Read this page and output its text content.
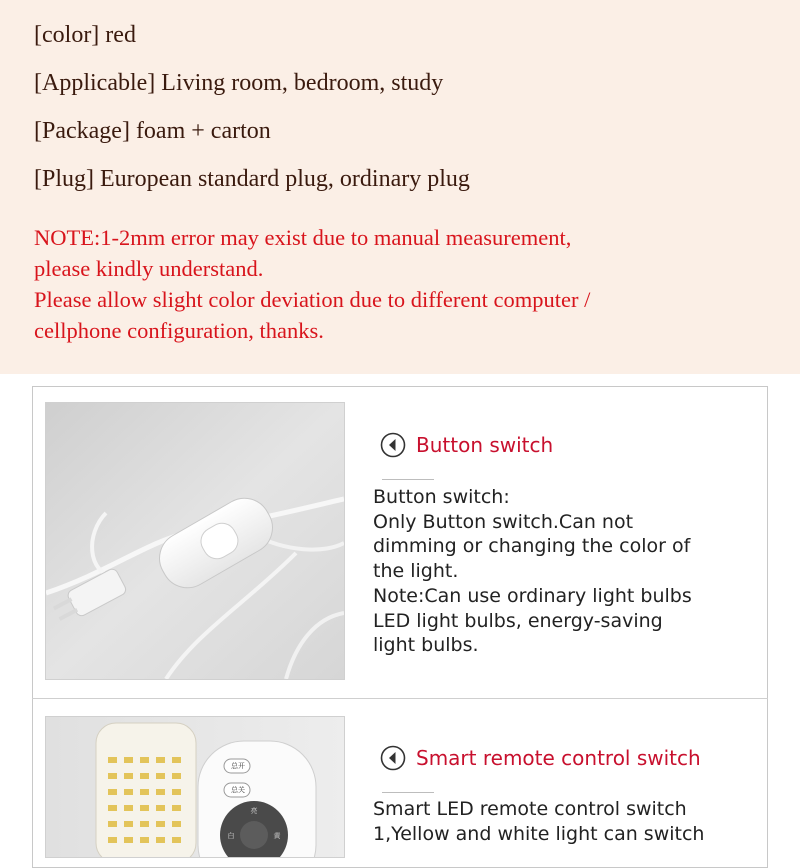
[color] red
[Applicable] Living room, bedroom, study
[Package] foam + carton
[Plug] European standard plug, ordinary plug
NOTE:1-2mm error may exist due to manual measurement,
please kindly understand.
Please allow slight color deviation due to different computer /
cellphone configuration, thanks.
Button switch
Button switch:
Only Button switch.Can not
dimming or changing the color of
the light.
Note:Can use ordinary light bulbs
LED light bulbs, energy-saving
light bulbs.
总开
总关
亮
白	黄
Smart remote control switch
Smart LED remote control switch
1,Yellow and white light can switch
